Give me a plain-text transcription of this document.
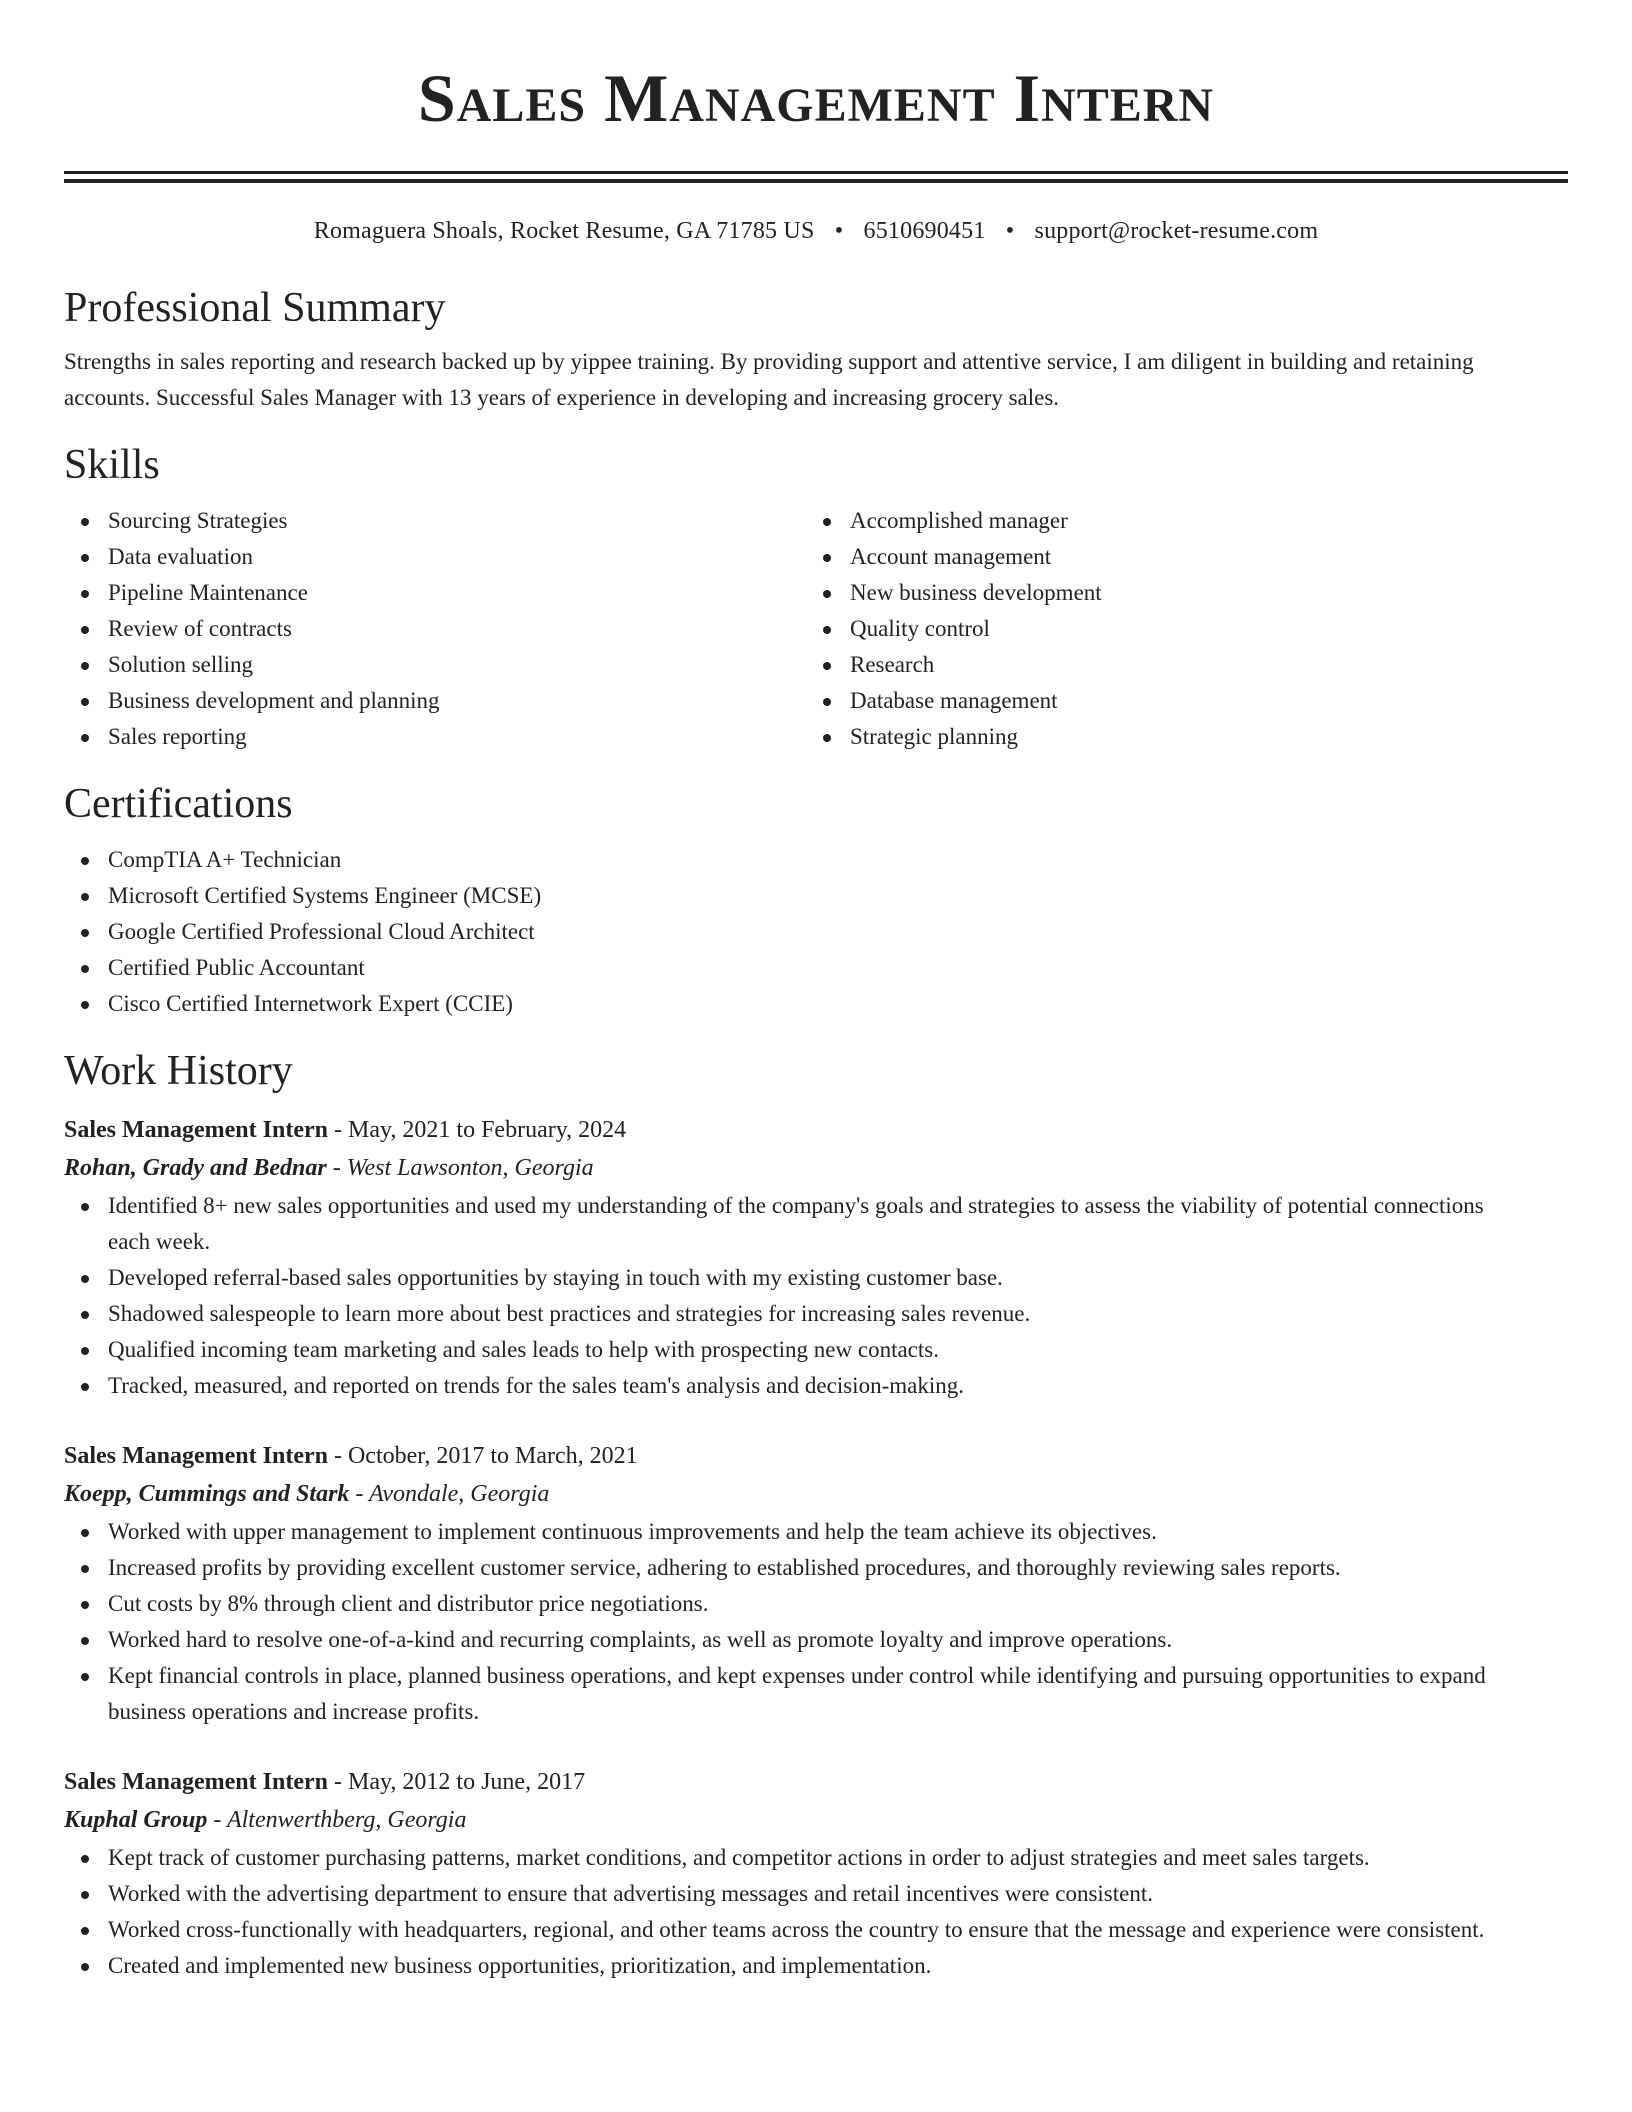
Sales Management Intern
Romaguera Shoals, Rocket Resume, GA 71785 US • 6510690451 • support@rocket-resume.com
Professional Summary

Strengths in sales reporting and research backed up by yippee training. By providing support and attentive service, I am diligent in building and retaining accounts. Successful Sales Manager with 13 years of experience in developing and increasing grocery sales.

Skills
Sourcing Strategies
Data evaluation
Pipeline Maintenance
Review of contracts
Solution selling
Business development and planning
Sales reporting
Accomplished manager
Account management
New business development
Quality control
Research
Database management
Strategic planning
Certifications
CompTIA A+ Technician
Microsoft Certified Systems Engineer (MCSE)
Google Certified Professional Cloud Architect
Certified Public Accountant
Cisco Certified Internetwork Expert (CCIE)
Work History
Sales Management Intern - May, 2021 to February, 2024
Rohan, Grady and Bednar - West Lawsonton, Georgia
Identified 8+ new sales opportunities and used my understanding of the company's goals and strategies to assess the viability of potential connections each week.
Developed referral-based sales opportunities by staying in touch with my existing customer base.
Shadowed salespeople to learn more about best practices and strategies for increasing sales revenue.
Qualified incoming team marketing and sales leads to help with prospecting new contacts.
Tracked, measured, and reported on trends for the sales team's analysis and decision-making.
Sales Management Intern - October, 2017 to March, 2021
Koepp, Cummings and Stark - Avondale, Georgia
Worked with upper management to implement continuous improvements and help the team achieve its objectives.
Increased profits by providing excellent customer service, adhering to established procedures, and thoroughly reviewing sales reports.
Cut costs by 8% through client and distributor price negotiations.
Worked hard to resolve one-of-a-kind and recurring complaints, as well as promote loyalty and improve operations.
Kept financial controls in place, planned business operations, and kept expenses under control while identifying and pursuing opportunities to expand business operations and increase profits.
Sales Management Intern - May, 2012 to June, 2017
Kuphal Group - Altenwerthberg, Georgia
Kept track of customer purchasing patterns, market conditions, and competitor actions in order to adjust strategies and meet sales targets.
Worked with the advertising department to ensure that advertising messages and retail incentives were consistent.
Worked cross-functionally with headquarters, regional, and other teams across the country to ensure that the message and experience were consistent.
Created and implemented new business opportunities, prioritization, and implementation.
